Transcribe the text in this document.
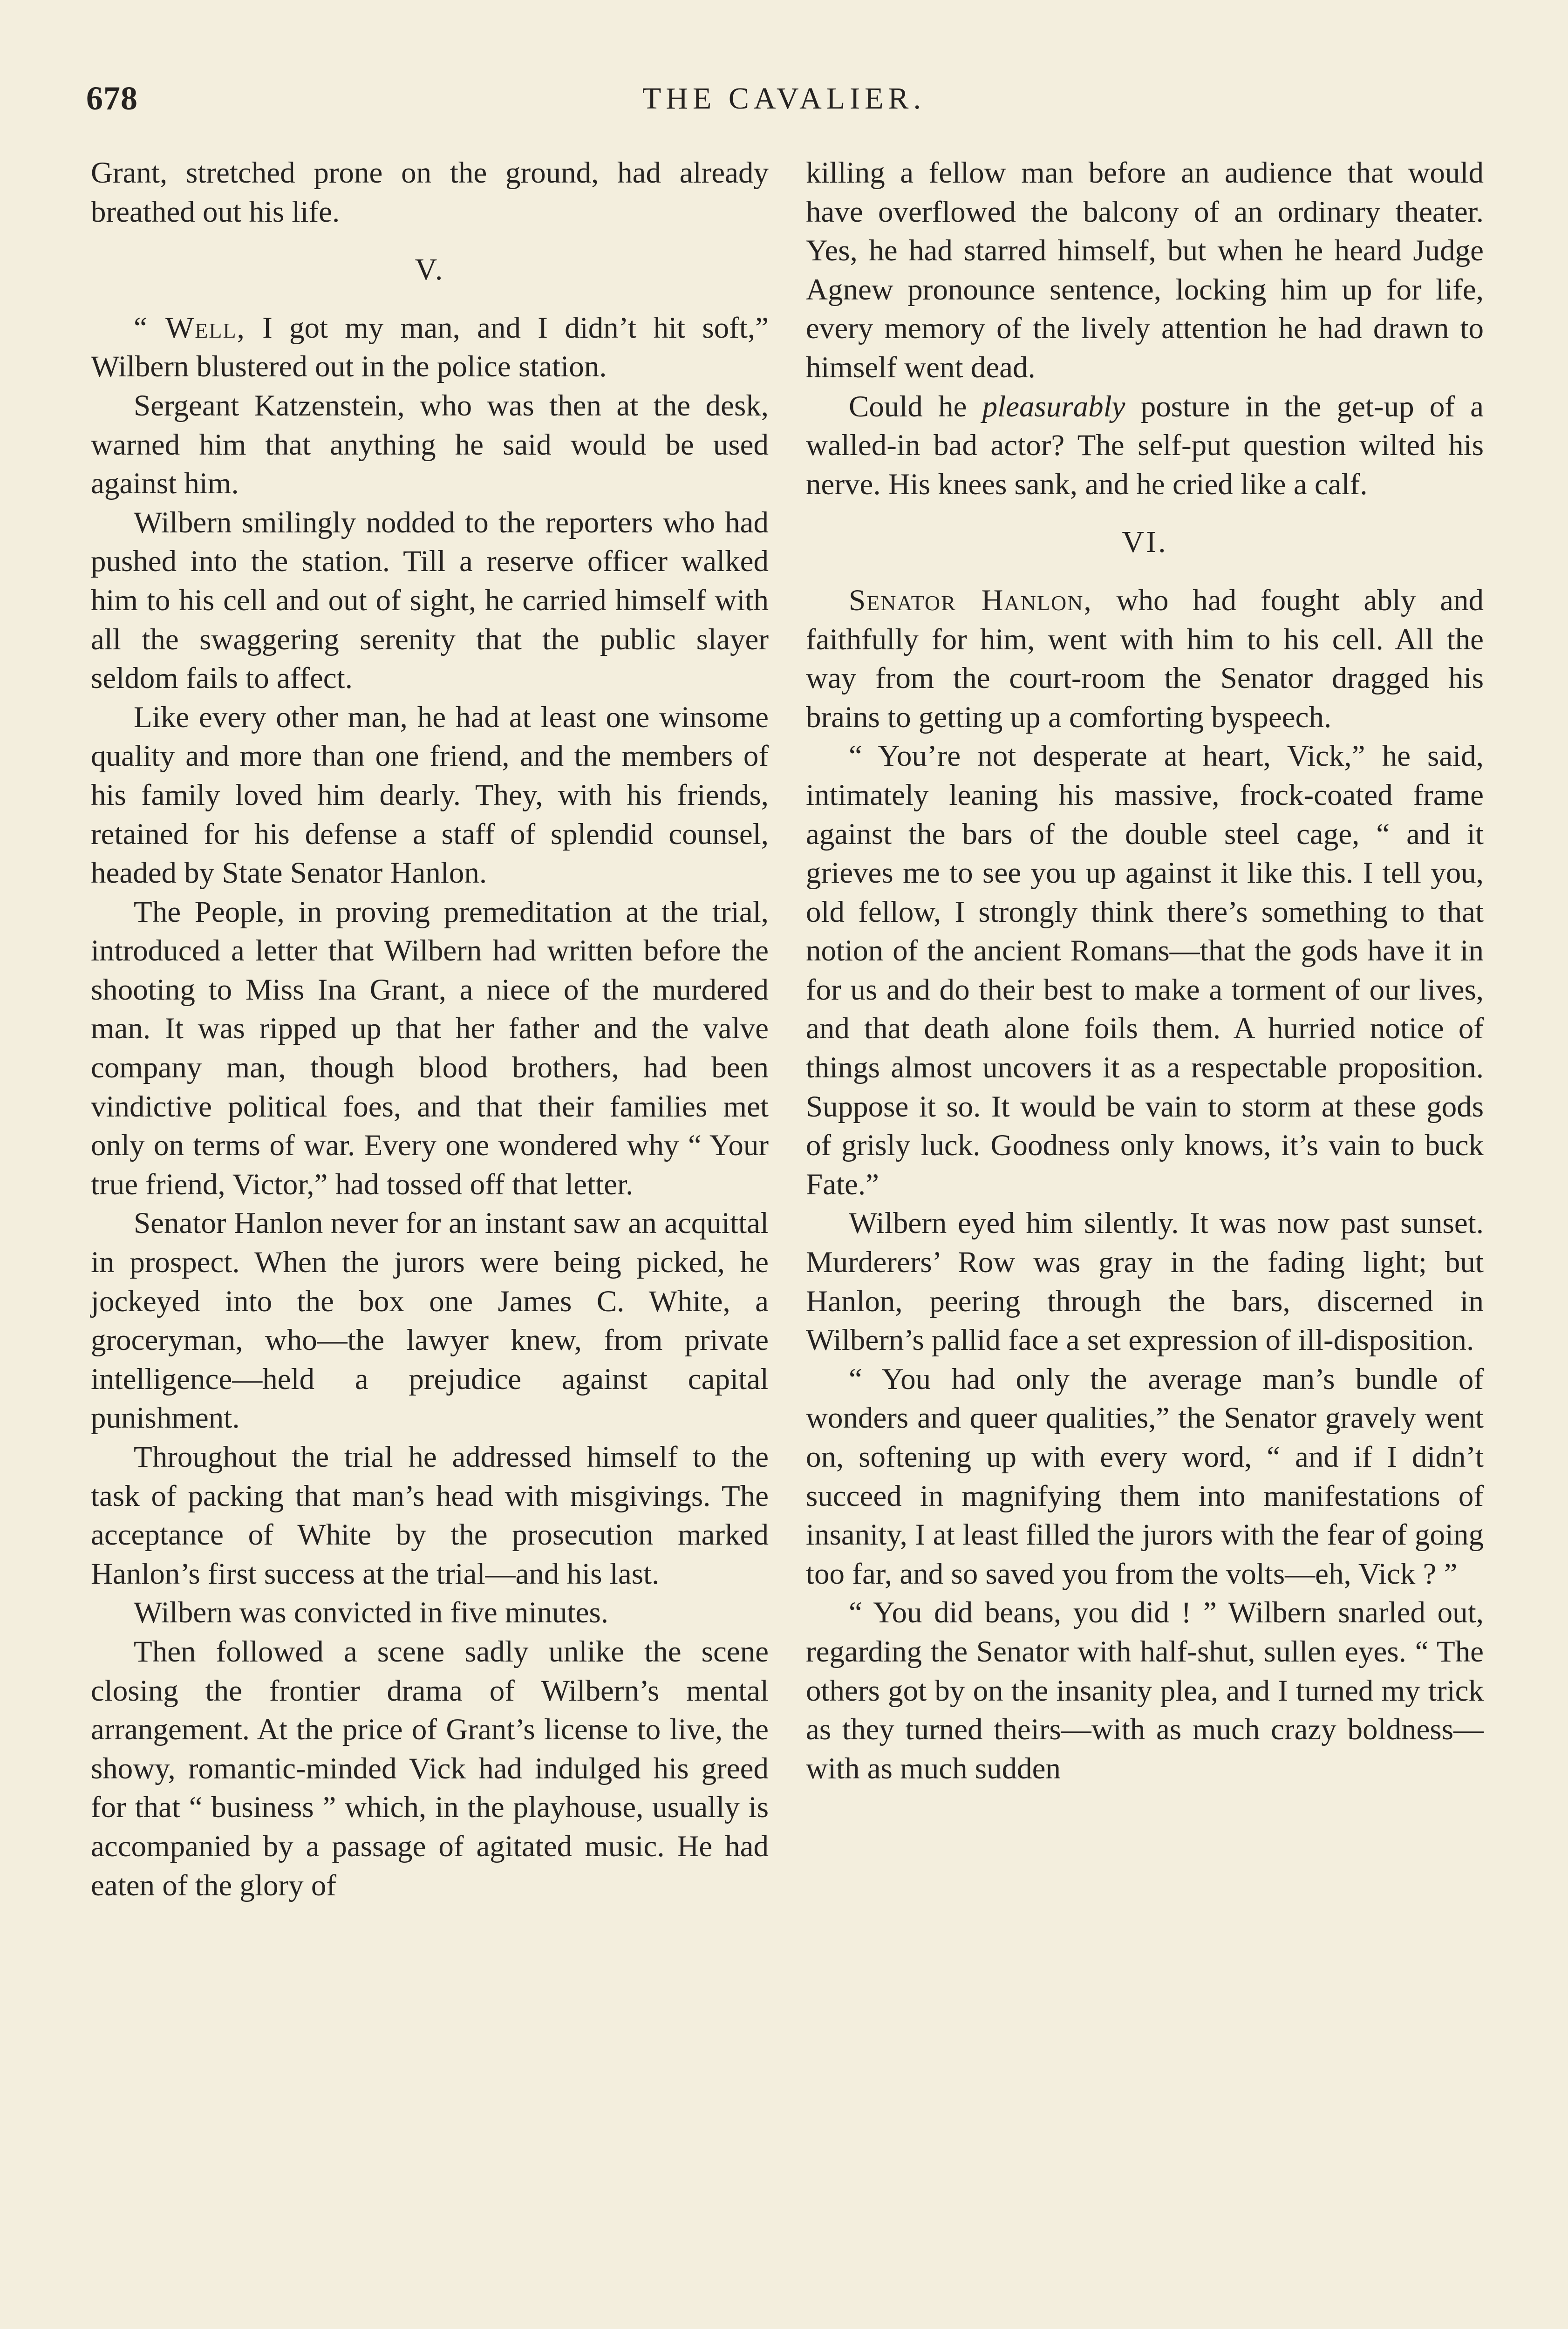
678	THE CAVALIER.

Grant, stretched prone on the ground, had already breathed out his life.

V.

“ Well, I got my man, and I didn’t hit soft,” Wilbern blustered out in the police station.

Sergeant Katzenstein, who was then at the desk, warned him that anything he said would be used against him.

Wilbern smilingly nodded to the reporters who had pushed into the station. Till a reserve officer walked him to his cell and out of sight, he carried himself with all the swaggering serenity that the public slayer seldom fails to affect.

Like every other man, he had at least one winsome quality and more than one friend, and the members of his family loved him dearly. They, with his friends, retained for his defense a staff of splendid counsel, headed by State Senator Hanlon.

The People, in proving premeditation at the trial, introduced a letter that Wilbern had written before the shooting to Miss Ina Grant, a niece of the murdered man. It was ripped up that her father and the valve company man, though blood brothers, had been vindictive political foes, and that their families met only on terms of war. Every one wondered why “ Your true friend, Victor,” had tossed off that letter.

Senator Hanlon never for an instant saw an acquittal in prospect. When the jurors were being picked, he jockeyed into the box one James C. White, a groceryman, who—the lawyer knew, from private intelligence—held a prejudice against capital punishment.

Throughout the trial he addressed himself to the task of packing that man’s head with misgivings. The acceptance of White by the prosecution marked Hanlon’s first success at the trial—and his last.

Wilbern was convicted in five minutes.

Then followed a scene sadly unlike the scene closing the frontier drama of Wilbern’s mental arrangement. At the price of Grant’s license to live, the showy, romantic-minded Vick had indulged his greed for that “ business ” which, in the playhouse, usually is accompanied by a passage of agitated music. He had eaten of the glory of

killing a fellow man before an audience that would have overflowed the balcony of an ordinary theater. Yes, he had starred himself, but when he heard Judge Agnew pronounce sentence, locking him up for life, every memory of the lively attention he had drawn to himself went dead.

Could he pleasurably posture in the get-up of a walled-in bad actor? The self-put question wilted his nerve. His knees sank, and he cried like a calf.

VI.

Senator Hanlon, who had fought ably and faithfully for him, went with him to his cell. All the way from the court-room the Senator dragged his brains to getting up a comforting byspeech.

“ You’re not desperate at heart, Vick,” he said, intimately leaning his massive, frock-coated frame against the bars of the double steel cage, “ and it grieves me to see you up against it like this. I tell you, old fellow, I strongly think there’s something to that notion of the ancient Romans—that the gods have it in for us and do their best to make a torment of our lives, and that death alone foils them. A hurried notice of things almost uncovers it as a respectable proposition. Suppose it so. It would be vain to storm at these gods of grisly luck. Goodness only knows, it’s vain to buck Fate.”

Wilbern eyed him silently. It was now past sunset. Murderers’ Row was gray in the fading light; but Hanlon, peering through the bars, discerned in Wilbern’s pallid face a set expression of ill-disposition.

“ You had only the average man’s bundle of wonders and queer qualities,” the Senator gravely went on, softening up with every word, “ and if I didn’t succeed in magnifying them into manifestations of insanity, I at least filled the jurors with the fear of going too far, and so saved you from the volts—eh, Vick ? ”

“ You did beans, you did ! ” Wilbern snarled out, regarding the Senator with half-shut, sullen eyes. “ The others got by on the insanity plea, and I turned my trick as they turned theirs—with as much crazy boldness—with as much sudden
